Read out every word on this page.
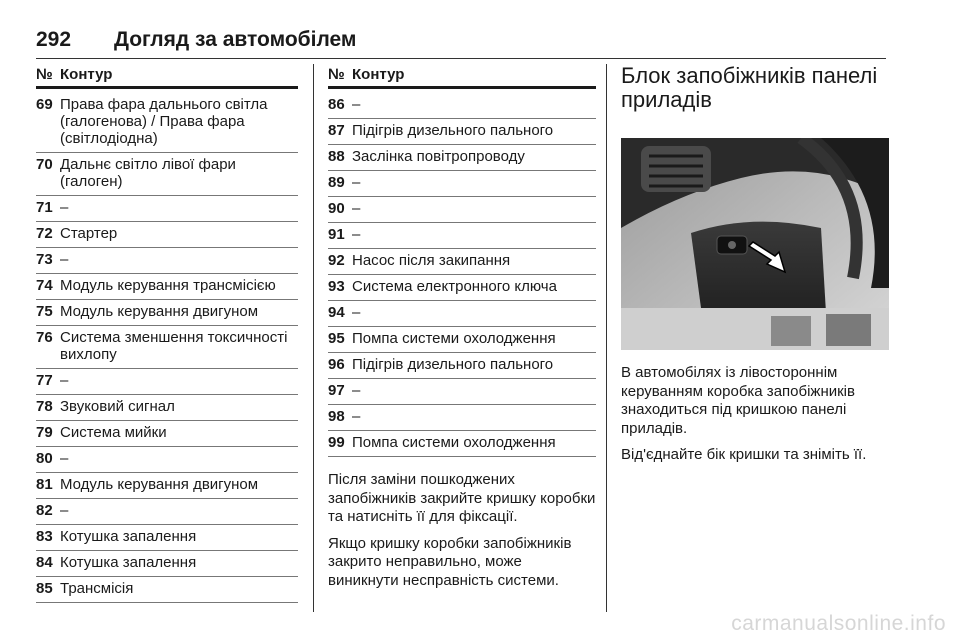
292 Догляд за автомобілем
№ Контур
69 Права фара дальнього світла (галогенова) / Права фара (світлодіодна)
70 Дальнє світло лівої фари (галоген)
71 –
72 Стартер
73 –
74 Модуль керування трансмісією
75 Модуль керування двигуном
76 Система зменшення токсичності вихлопу
77 –
78 Звуковий сигнал
79 Система мийки
80 –
81 Модуль керування двигуном
82 –
83 Котушка запалення
84 Котушка запалення
85 Трансмісія
№ Контур
86 –
87 Підігрів дизельного пального
88 Заслінка повітропроводу
89 –
90 –
91 –
92 Насос після закипання
93 Система електронного ключа
94 –
95 Помпа системи охолодження
96 Підігрів дизельного пального
97 –
98 –
99 Помпа системи охолодження

Після заміни пошкоджених запобіжників закрийте кришку коробки та натисніть її для фіксації.

Якщо кришку коробки запобіжників закрито неправильно, може виникнути несправність системи.

Блок запобіжників панелі приладів

В автомобілях із лівостороннім керуванням коробка запобіжників знаходиться під кришкою панелі приладів.

Від'єднайте бік кришки та зніміть її.

carmanualsonline.info
